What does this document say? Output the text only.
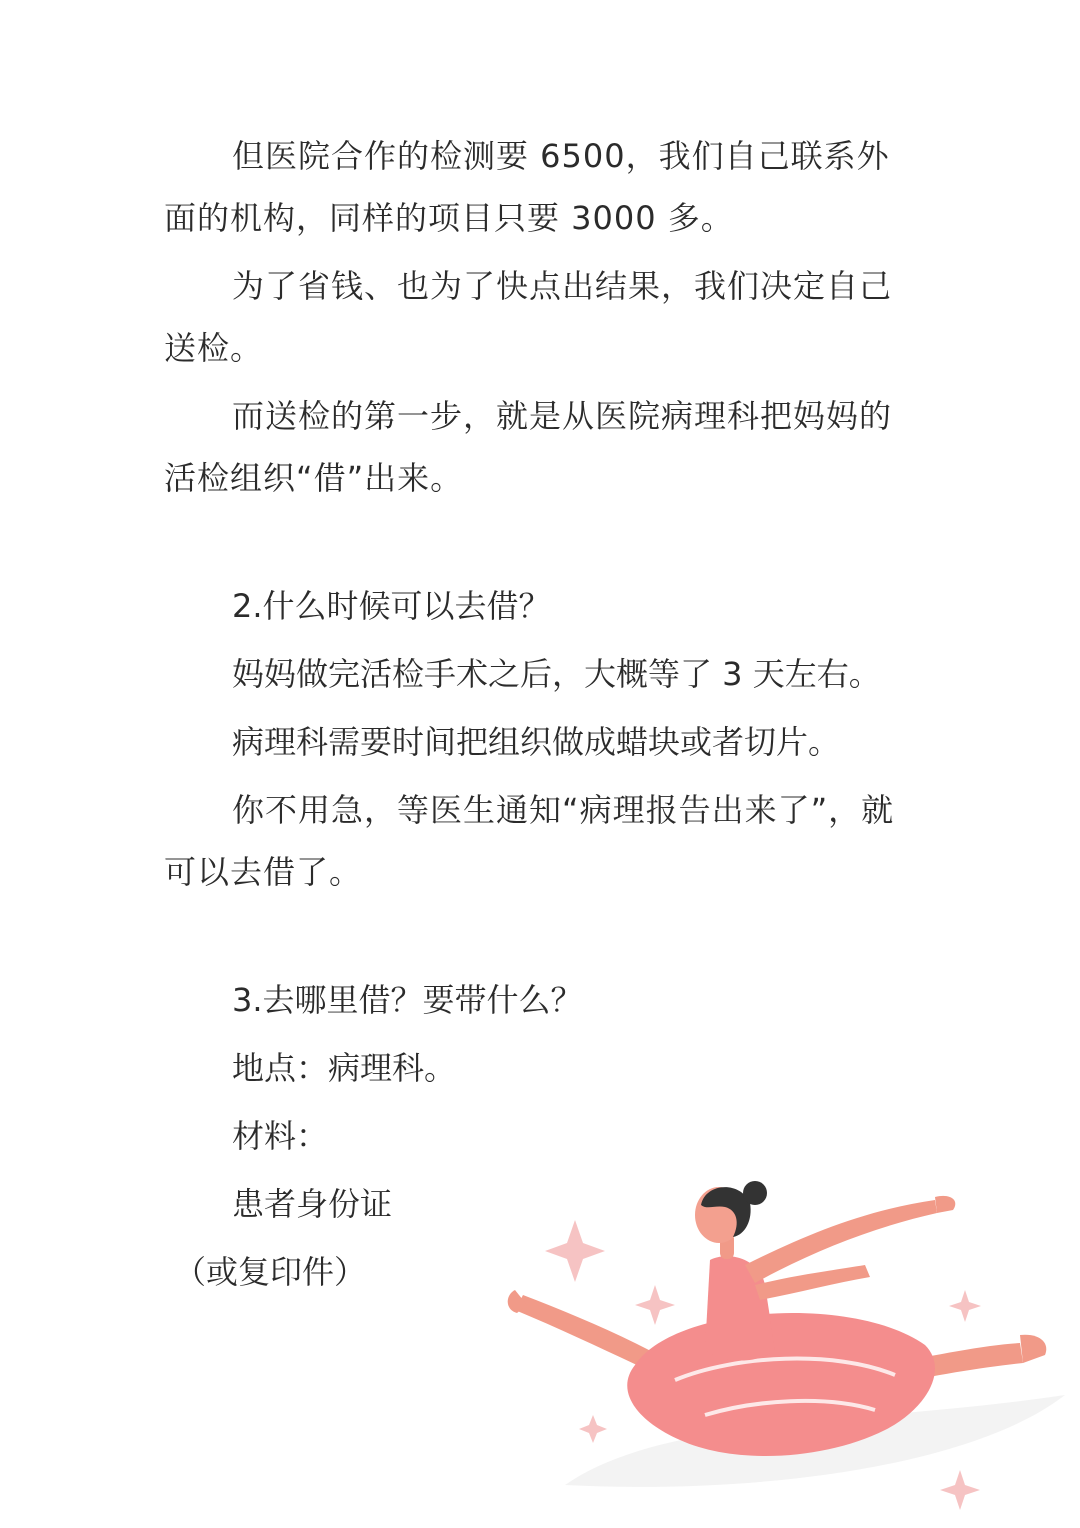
但医院合作的检测要 6500，我们自己联系外面的机构，同样的项目只要 3000 多。

为了省钱、也为了快点出结果，我们决定自己送检。

而送检的第一步，就是从医院病理科把妈妈的活检组织“借”出来。

2.什么时候可以去借？

妈妈做完活检手术之后，大概等了 3 天左右。

病理科需要时间把组织做成蜡块或者切片。

你不用急，等医生通知“病理报告出来了”，就可以去借了。

3.去哪里借？要带什么？

地点：病理科。

材料：

患者身份证

（或复印件）
